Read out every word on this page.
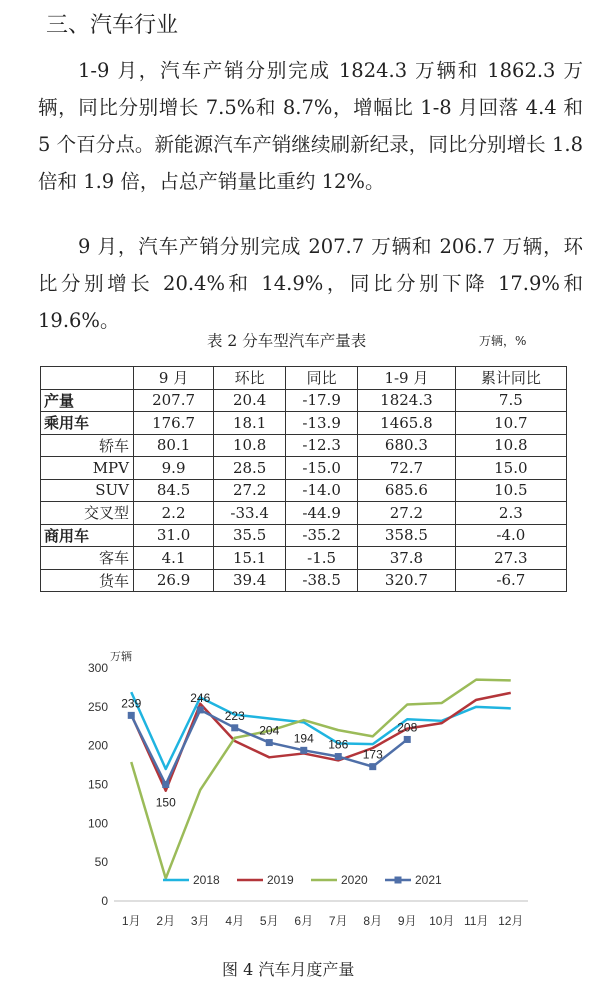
三、汽车行业
1-9 月，汽车产销分别完成 1824.3 万辆和 1862.3 万辆，同比分别增长 7.5%和 8.7%，增幅比 1-8 月回落 4.4 和 5 个百分点。新能源汽车产销继续刷新纪录，同比分别增长 1.8 倍和 1.9 倍，占总产销量比重约 12%。
9 月，汽车产销分别完成 207.7 万辆和 206.7 万辆，环比分别增长 20.4%和 14.9%，同比分别下降 17.9%和 19.6%。
表 2 分车型汽车产量表	万辆，%
	9 月	环比	同比	1-9 月	累计同比
产量	207.7	20.4	-17.9	1824.3	7.5
乘用车	176.7	18.1	-13.9	1465.8	10.7
轿车	80.1	10.8	-12.3	680.3	10.8
MPV	9.9	28.5	-15.0	72.7	15.0
SUV	84.5	27.2	-14.0	685.6	10.5
交叉型	2.2	-33.4	-44.9	27.2	2.3
商用车	31.0	35.5	-35.2	358.5	-4.0
客车	4.1	15.1	-1.5	37.8	27.3
货车	26.9	39.4	-38.5	320.7	-6.7
0
50
100
150
200
250
300
万辆
1月 2月 3月 4月 5月 6月 7月 8月 9月 10月 11月 12月
239
150
246
223
204
194 186
173
208
2018	2019	2020	2021
图 4 汽车月度产量
